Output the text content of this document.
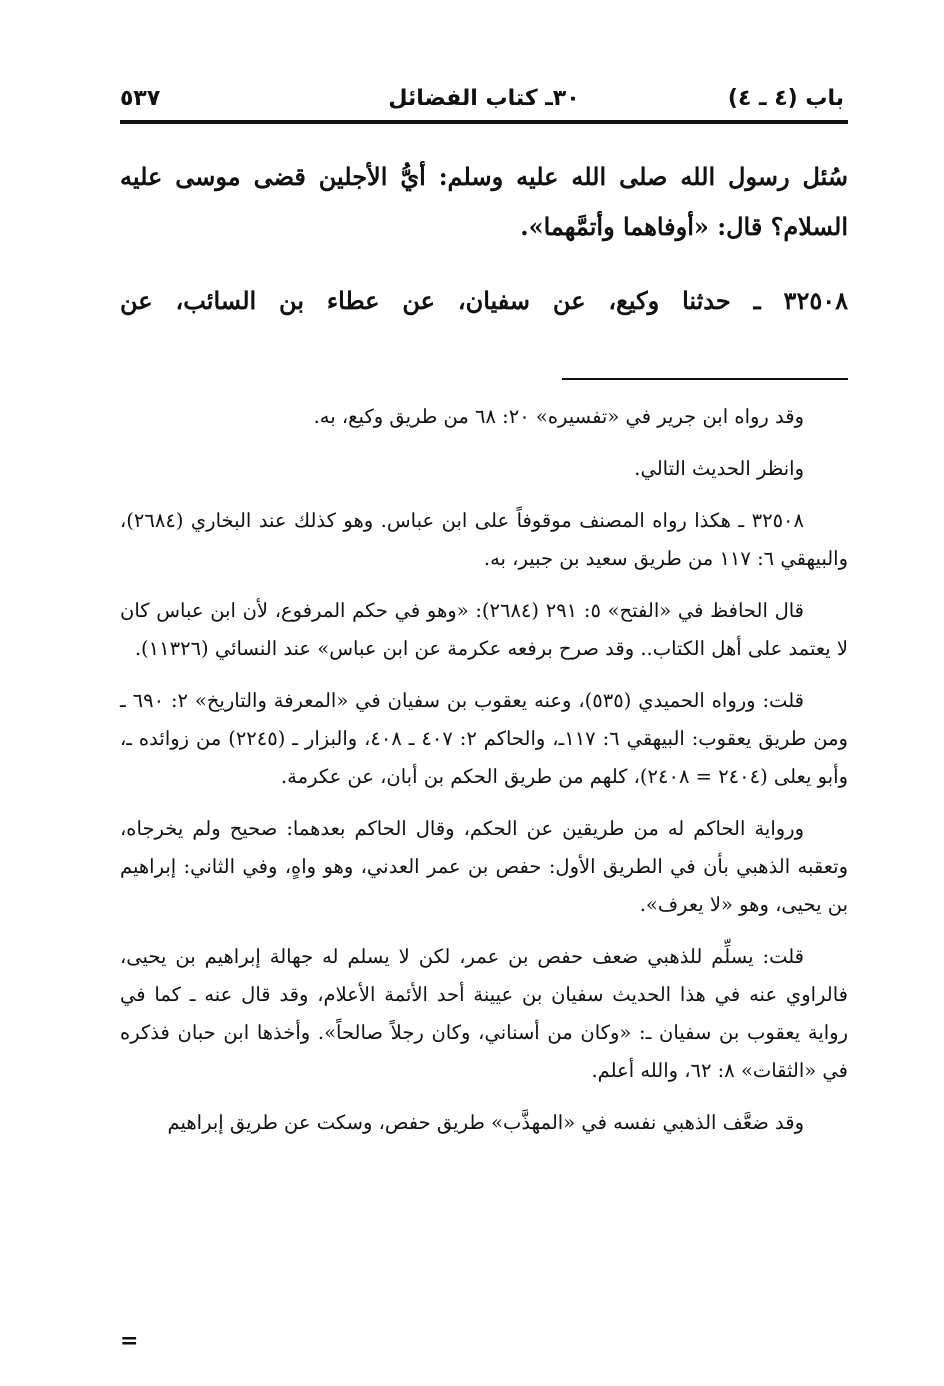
باب (٤ ـ ٤)
٣٠ـ كتاب الفضائل
٥٣٧

سُئل رسول الله صلى الله عليه وسلم: أيُّ الأجلين قضى موسى عليه السلام؟ قال: «أوفاهما وأتمَّهما».

٣٢٥٠٨ ـ حدثنا وكيع، عن سفيان، عن عطاء بن السائب، عن

وقد رواه ابن جرير في «تفسيره» ٢٠: ٦٨ من طريق وكيع، به.

وانظر الحديث التالي.

٣٢٥٠٨ ـ هكذا رواه المصنف موقوفاً على ابن عباس. وهو كذلك عند البخاري (٢٦٨٤)، والبيهقي ٦: ١١٧ من طريق سعيد بن جبير، به.

قال الحافظ في «الفتح» ٥: ٢٩١ (٢٦٨٤): «وهو في حكم المرفوع، لأن ابن عباس كان لا يعتمد على أهل الكتاب.. وقد صرح برفعه عكرمة عن ابن عباس» عند النسائي (١١٣٢٦).

قلت: ورواه الحميدي (٥٣٥)، وعنه يعقوب بن سفيان في «المعرفة والتاريخ» ٢: ٦٩٠ ـ ومن طريق يعقوب: البيهقي ٦: ١١٧ـ، والحاكم ٢: ٤٠٧ ـ ٤٠٨، والبزار ـ (٢٢٤٥) من زوائده ـ، وأبو يعلى (٢٤٠٤ = ٢٤٠٨)، كلهم من طريق الحكم بن أبان، عن عكرمة.

ورواية الحاكم له من طريقين عن الحكم، وقال الحاكم بعدهما: صحيح ولم يخرجاه، وتعقبه الذهبي بأن في الطريق الأول: حفص بن عمر العدني، وهو واهٍ، وفي الثاني: إبراهيم بن يحيى، وهو «لا يعرف».

قلت: يسلِّم للذهبي ضعف حفص بن عمر، لكن لا يسلم له جهالة إبراهيم بن يحيى، فالراوي عنه في هذا الحديث سفيان بن عيينة أحد الأئمة الأعلام، وقد قال عنه ـ كما في رواية يعقوب بن سفيان ـ: «وكان من أسناني، وكان رجلاً صالحاً». وأخذها ابن حبان فذكره في «الثقات» ٨: ٦٢، والله أعلم.

وقد ضعَّف الذهبي نفسه في «المهذَّب» طريق حفص، وسكت عن طريق إبراهيم

=
